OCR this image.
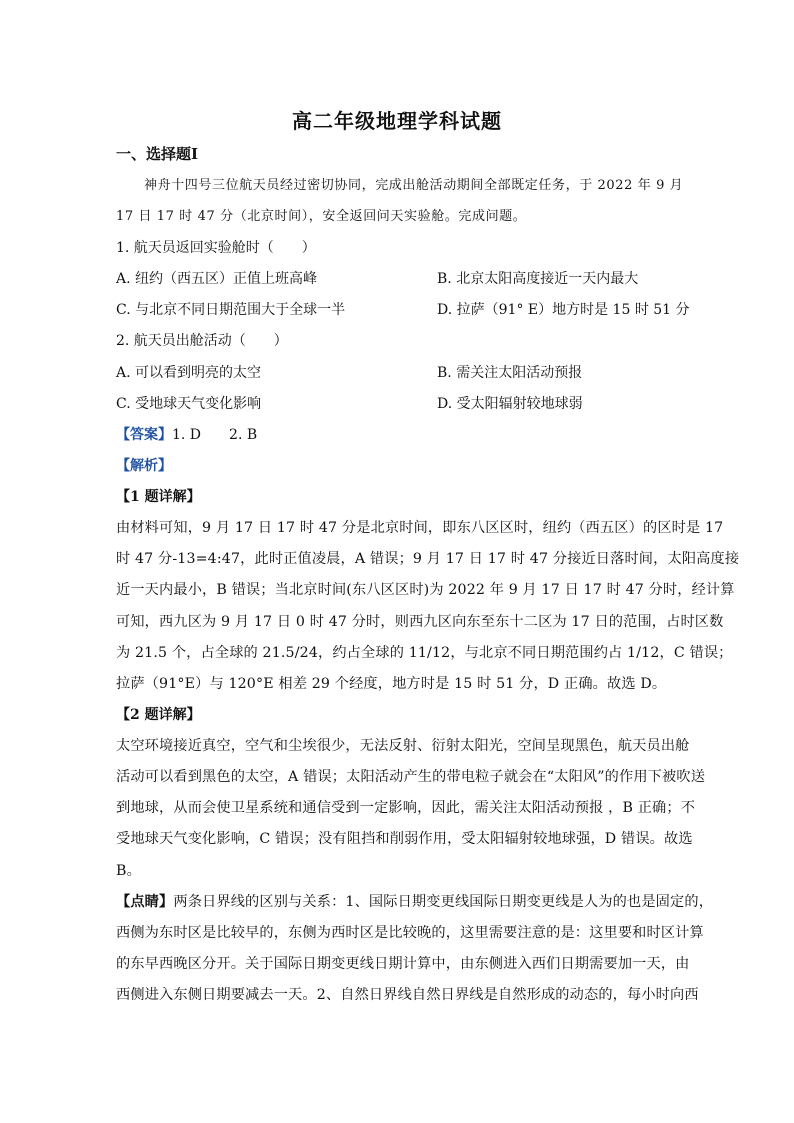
高二年级地理学科试题
一、选择题Ⅰ
神舟十四号三位航天员经过密切协同，完成出舱活动期间全部既定任务，于 2022 年 9 月
17 日 17 时 47 分（北京时间），安全返回问天实验舱。完成问题。
1. 航天员返回实验舱时（　　）
A. 纽约（西五区）正值上班高峰	B. 北京太阳高度接近一天内最大
C. 与北京不同日期范围大于全球一半	D. 拉萨（91° E）地方时是 15 时 51 分
2. 航天员出舱活动（　　）
A. 可以看到明亮的太空	B. 需关注太阳活动预报
C. 受地球天气变化影响	D. 受太阳辐射较地球弱
【答案】1. D 2. B
【解析】
【1 题详解】
由材料可知，9 月 17 日 17 时 47 分是北京时间，即东八区区时，纽约（西五区）的区时是 17
时 47 分-13=4:47，此时正值凌晨，A 错误；9 月 17 日 17 时 47 分接近日落时间，太阳高度接
近一天内最小，B 错误；当北京时间(东八区区时)为 2022 年 9 月 17 日 17 时 47 分时，经计算
可知，西九区为 9 月 17 日 0 时 47 分时，则西九区向东至东十二区为 17 日的范围，占时区数
为 21.5 个，占全球的 21.5/24，约占全球的 11/12，与北京不同日期范围约占 1/12，C 错误；
拉萨（91°E）与 120°E 相差 29 个经度，地方时是 15 时 51 分，D 正确。故选 D。
【2 题详解】
太空环境接近真空，空气和尘埃很少，无法反射、衍射太阳光，空间呈现黑色，航天员出舱
活动可以看到黑色的太空，A 错误；太阳活动产生的带电粒子就会在“太阳风”的作用下被吹送
到地球，从而会使卫星系统和通信受到一定影响，因此，需关注太阳活动预报 ，B 正确；不
受地球天气变化影响，C 错误；没有阻挡和削弱作用，受太阳辐射较地球强，D 错误。故选
B。
【点睛】两条日界线的区别与关系：1、国际日期变更线国际日期变更线是人为的也是固定的，
西侧为东时区是比较早的，东侧为西时区是比较晚的，这里需要注意的是：这里要和时区计算
的东早西晚区分开。关于国际日期变更线日期计算中，由东侧进入西们日期需要加一天，由
西侧进入东侧日期要减去一天。2、自然日界线自然日界线是自然形成的动态的，每小时向西
